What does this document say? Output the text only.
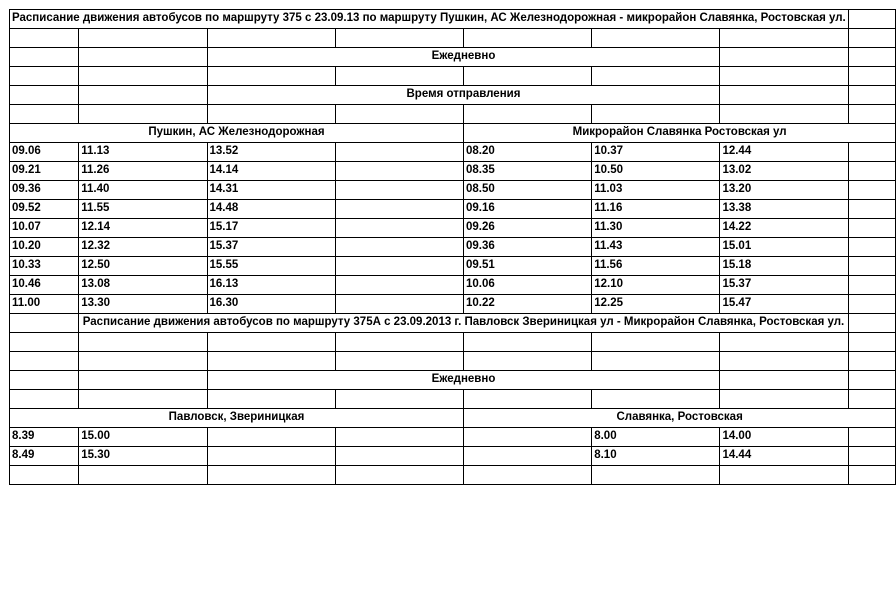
Расписание движения автобусов по маршруту 375 с 23.09.13 по маршруту Пушкин, АС Железнодорожная - микрорайон Славянка, Ростовская ул.							

		Ежедневно					

		Время отправления					

Пушкин, АС Железнодорожная				Микрорайон Славянка Ростовская ул			
09.06	11.13	13.52		08.20	10.37	12.44	
09.21	11.26	14.14		08.35	10.50	13.02	
09.36	11.40	14.31		08.50	11.03	13.20	
09.52	11.55	14.48		09.16	11.16	13.38	
10.07	12.14	15.17		09.26	11.30	14.22	
10.20	12.32	15.37		09.36	11.43	15.01	
10.33	12.50	15.55		09.51	11.56	15.18	
10.46	13.08	16.13		10.06	12.10	15.37	
11.00	13.30	16.30		10.22	12.25	15.47	
	Расписание движения автобусов по маршруту 375А с 23.09.2013 г. Павловск Звериницкая ул - Микрорайон Славянка, Ростовская ул.						

		Ежедневно					

Павловск, Звериницкая				Славянка, Ростовская			
8.39	15.00				8.00	14.00	
8.49	15.30				8.10	14.44	
